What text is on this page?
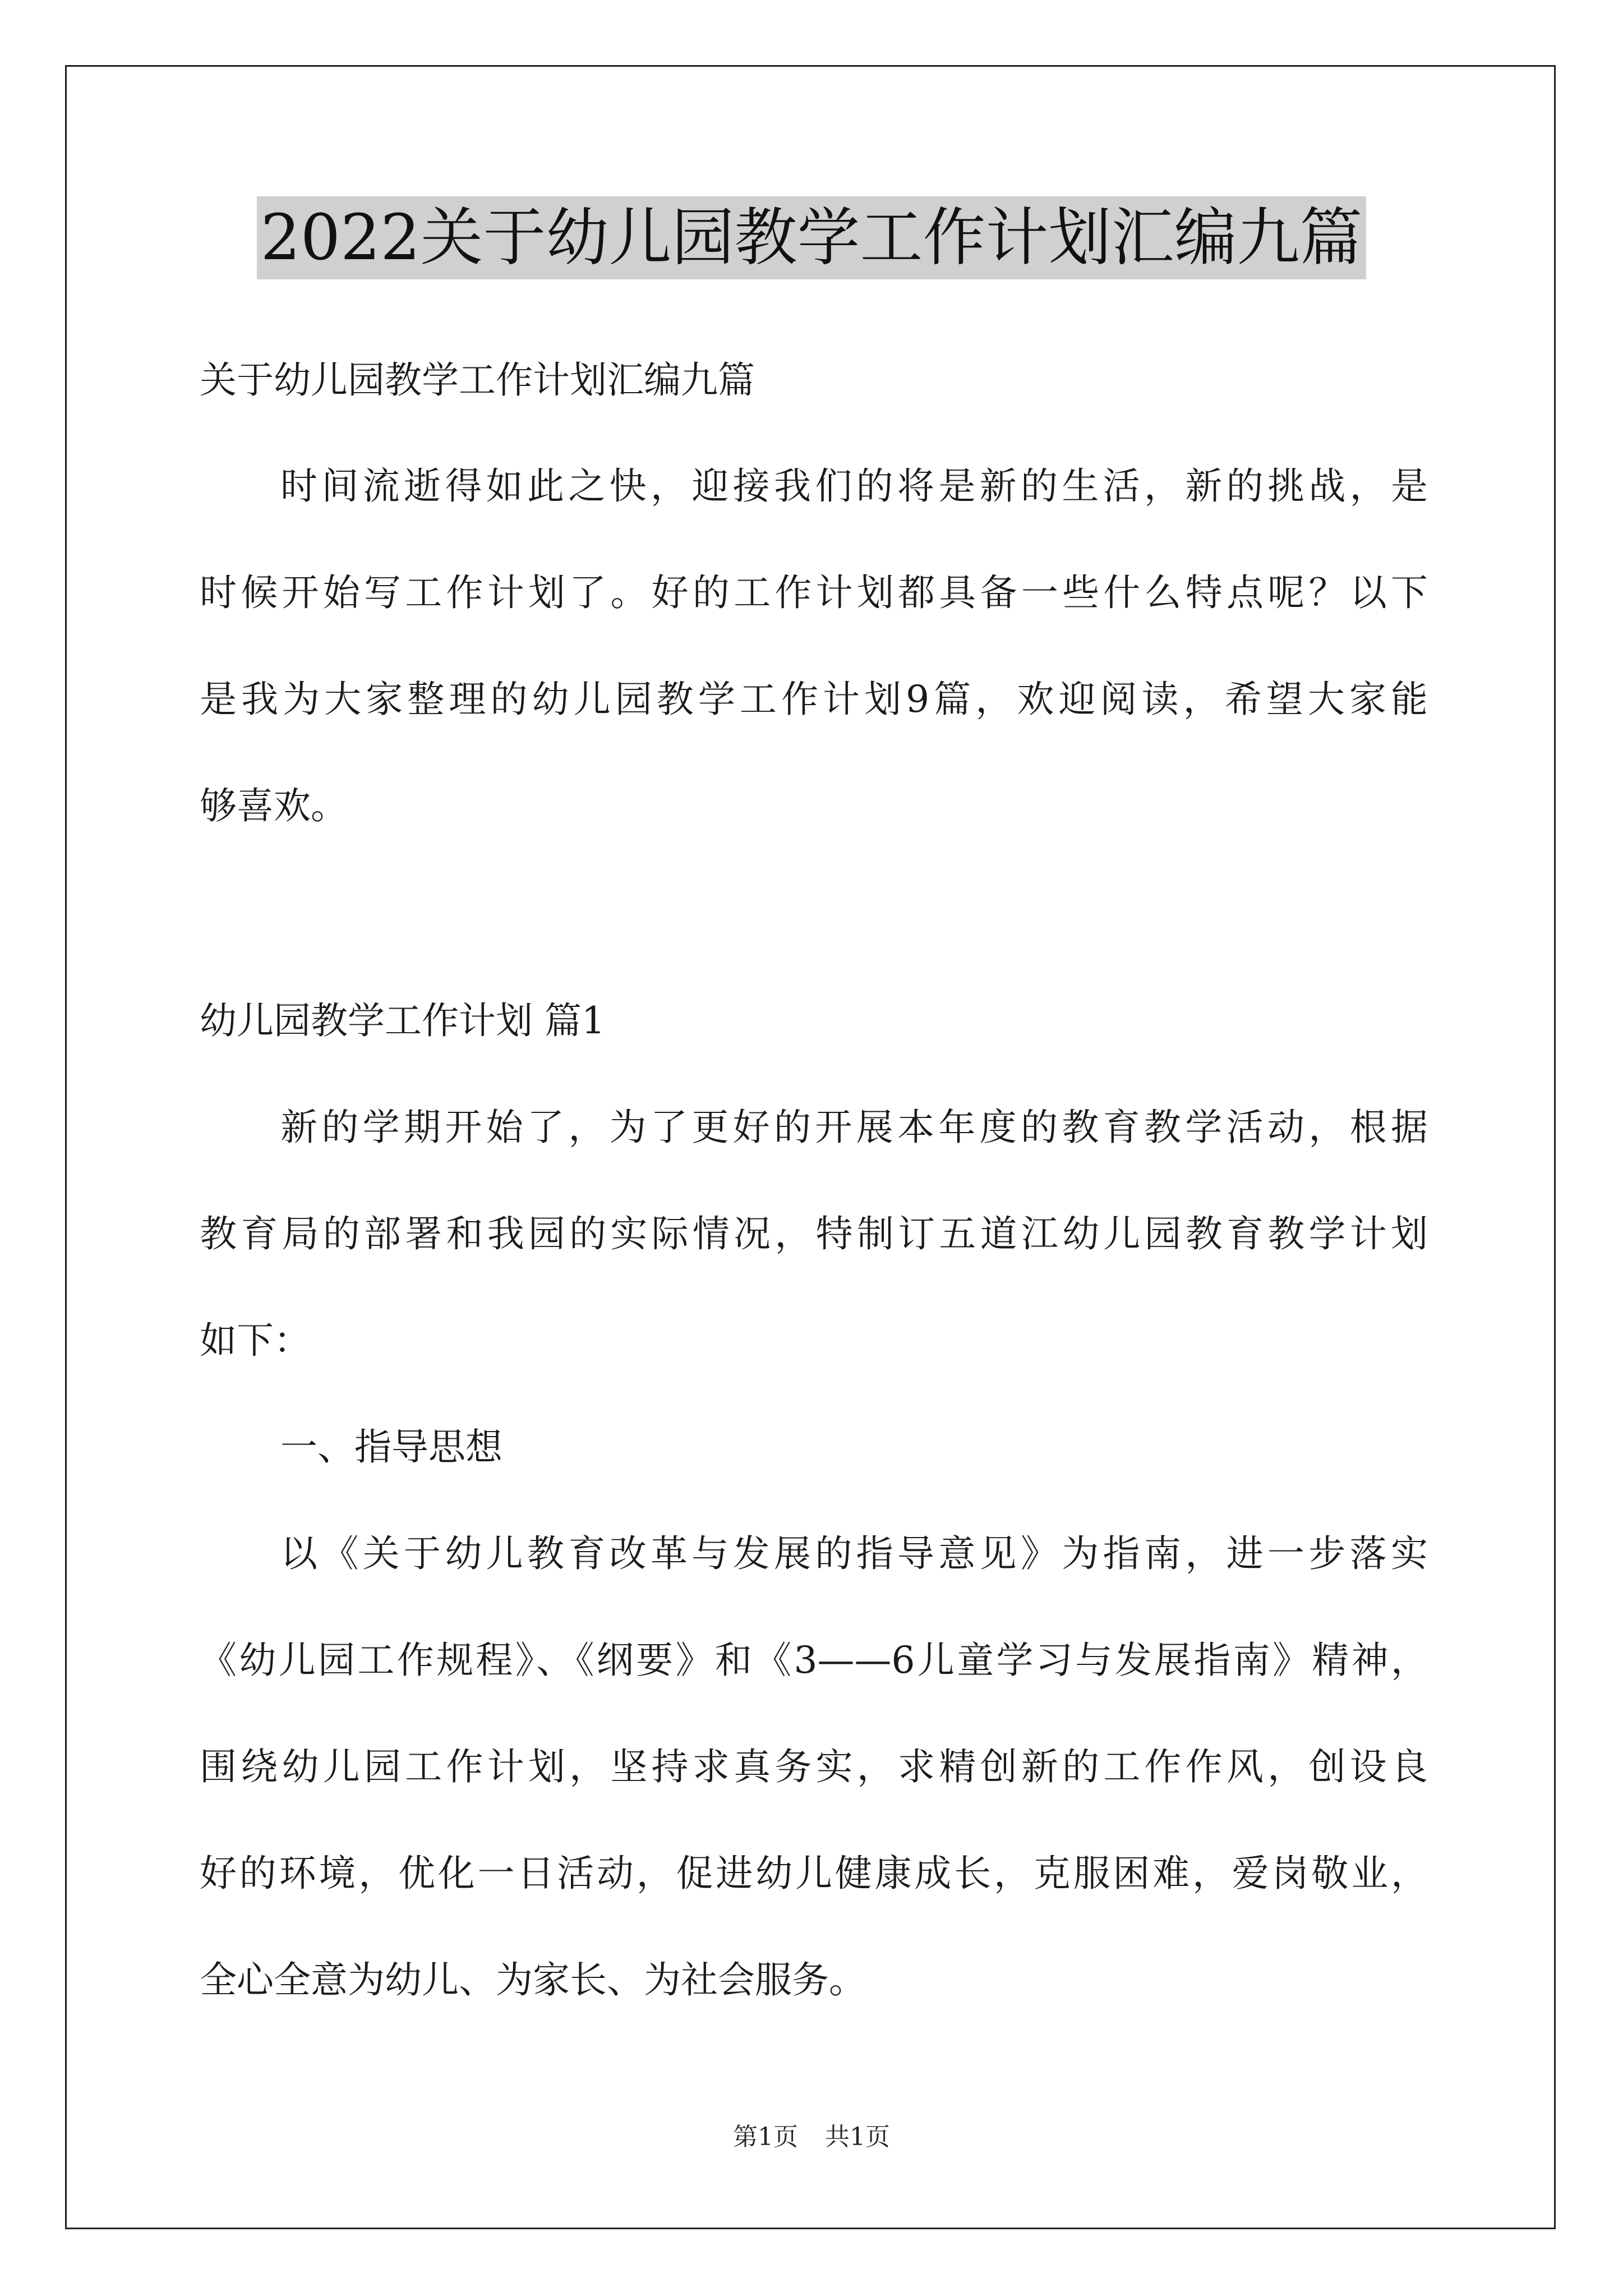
2022关于幼儿园教学工作计划汇编九篇
关于幼儿园教学工作计划汇编九篇
时间流逝得如此之快，迎接我们的将是新的生活，新的挑战，是
时候开始写工作计划了。好的工作计划都具备一些什么特点呢？以下
是我为大家整理的幼儿园教学工作计划9篇，欢迎阅读，希望大家能
够喜欢。
幼儿园教学工作计划 篇1
新的学期开始了，为了更好的开展本年度的教育教学活动，根据
教育局的部署和我园的实际情况，特制订五道江幼儿园教育教学计划
如下：
一、指导思想
以《关于幼儿教育改革与发展的指导意见》为指南，进一步落实
《幼儿园工作规程》、《纲要》和《3——6儿童学习与发展指南》精神，
围绕幼儿园工作计划，坚持求真务实，求精创新的工作作风，创设良
好的环境，优化一日活动，促进幼儿健康成长，克服困难，爱岗敬业，
全心全意为幼儿、为家长、为社会服务。
第1页 共1页
